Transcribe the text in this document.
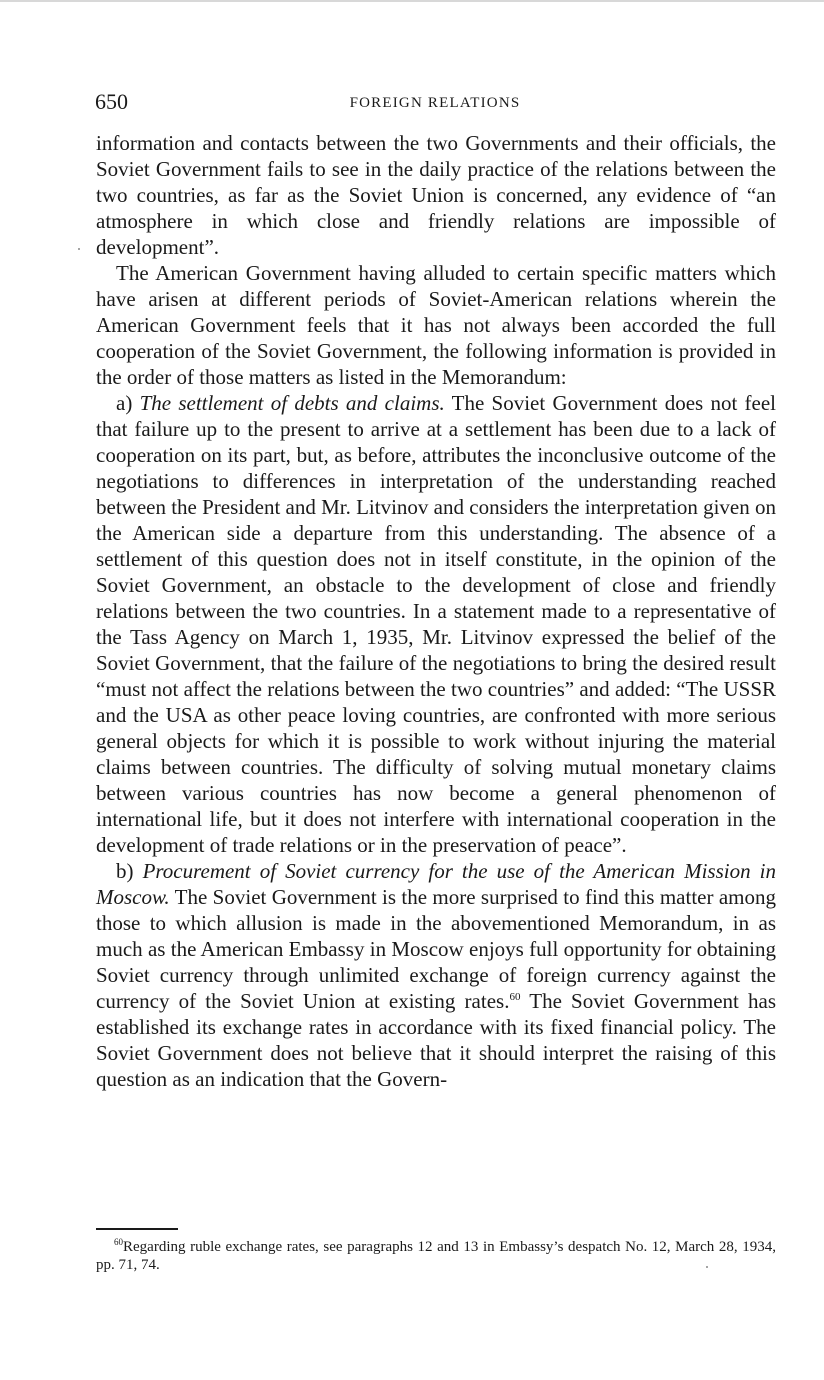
650	FOREIGN RELATIONS

information and contacts between the two Governments and their officials, the Soviet Government fails to see in the daily practice of the relations between the two countries, as far as the Soviet Union is concerned, any evidence of “an atmosphere in which close and friendly relations are impossible of development”.

The American Government having alluded to certain specific matters which have arisen at different periods of Soviet-American relations wherein the American Government feels that it has not always been accorded the full cooperation of the Soviet Government, the following information is provided in the order of those matters as listed in the Memorandum:

a) The settlement of debts and claims. The Soviet Government does not feel that failure up to the present to arrive at a settlement has been due to a lack of cooperation on its part, but, as before, attributes the inconclusive outcome of the negotiations to differences in interpretation of the understanding reached between the President and Mr. Litvinov and considers the interpretation given on the American side a departure from this understanding. The absence of a settlement of this question does not in itself constitute, in the opinion of the Soviet Government, an obstacle to the development of close and friendly relations between the two countries. In a statement made to a representative of the Tass Agency on March 1, 1935, Mr. Litvinov expressed the belief of the Soviet Government, that the failure of the negotiations to bring the desired result “must not affect the relations between the two countries” and added: “The USSR and the USA as other peace loving countries, are confronted with more serious general objects for which it is possible to work without injuring the material claims between countries. The difficulty of solving mutual monetary claims between various countries has now become a general phenomenon of international life, but it does not interfere with international cooperation in the development of trade relations or in the preservation of peace”.

b) Procurement of Soviet currency for the use of the American Mission in Moscow. The Soviet Government is the more surprised to find this matter among those to which allusion is made in the abovementioned Memorandum, in as much as the American Embassy in Moscow enjoys full opportunity for obtaining Soviet currency through unlimited exchange of foreign currency against the currency of the Soviet Union at existing rates.$^{60}$ The Soviet Government has established its exchange rates in accordance with its fixed financial policy. The Soviet Government does not believe that it should interpret the raising of this question as an indication that the Govern-

$^{60}$Regarding ruble exchange rates, see paragraphs 12 and 13 in Embassy’s despatch No. 12, March 28, 1934, pp. 71, 74.
